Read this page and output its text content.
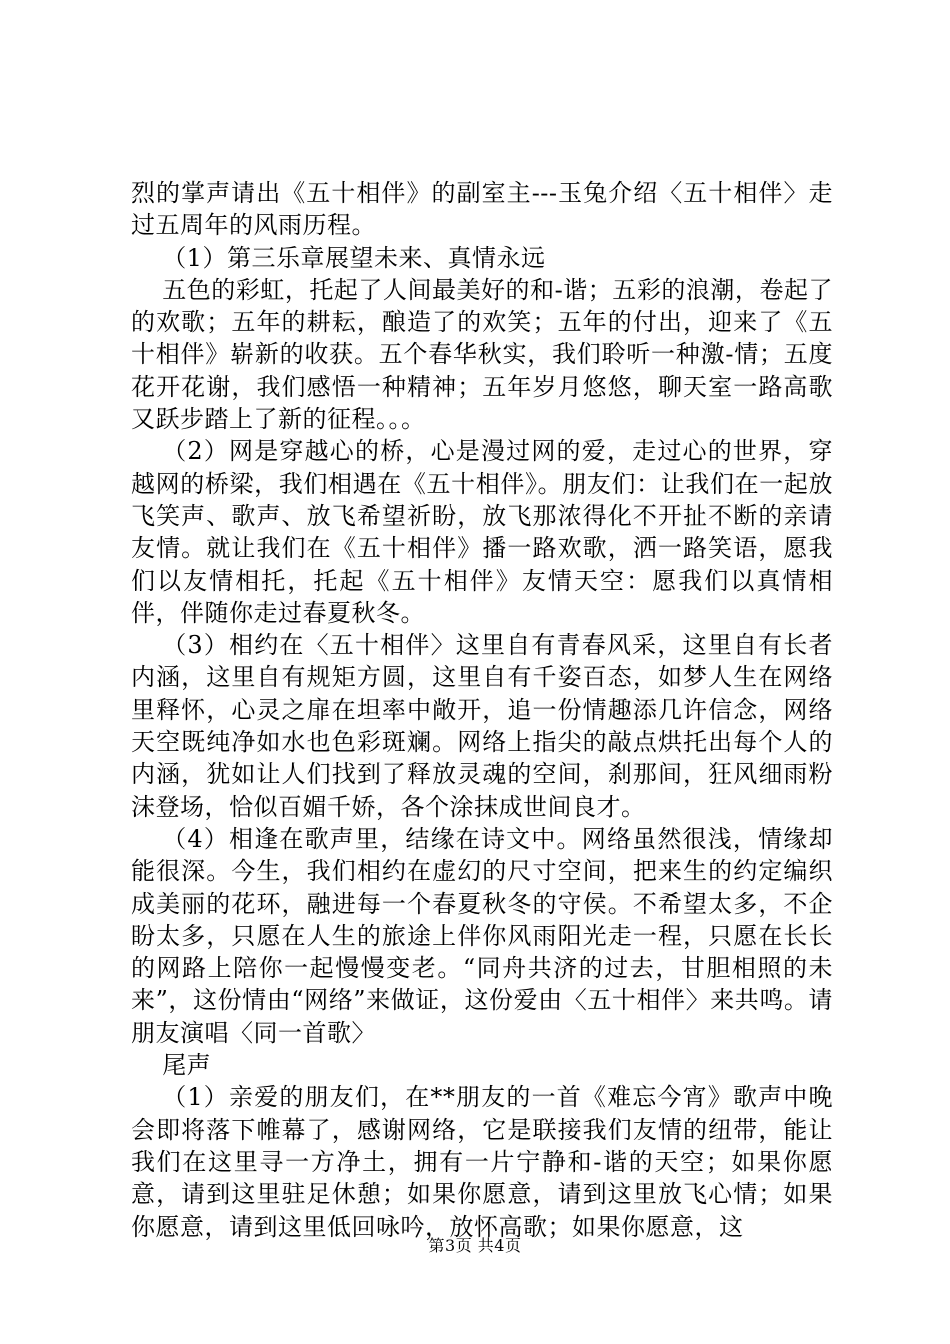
烈的掌声请出《五十相伴》的副室主---玉兔介绍〈五十相伴〉走过五周年的风雨历程。

（1）第三乐章展望未来、真情永远

五色的彩虹，托起了人间最美好的和-谐；五彩的浪潮，卷起了的欢歌；五年的耕耘，酿造了的欢笑；五年的付出，迎来了《五十相伴》崭新的收获。五个春华秋实，我们聆听一种激-情；五度花开花谢，我们感悟一种精神；五年岁月悠悠，聊天室一路高歌又跃步踏上了新的征程。。。

（2）网是穿越心的桥，心是漫过网的爱，走过心的世界，穿越网的桥梁，我们相遇在《五十相伴》。朋友们：让我们在一起放飞笑声、歌声、放飞希望祈盼，放飞那浓得化不开扯不断的亲请友情。就让我们在《五十相伴》播一路欢歌，洒一路笑语，愿我们以友情相托，托起《五十相伴》友情天空：愿我们以真情相伴，伴随你走过春夏秋冬。

（3）相约在〈五十相伴〉这里自有青春风采，这里自有长者内涵，这里自有规矩方圆，这里自有千姿百态，如梦人生在网络里释怀，心灵之扉在坦率中敞开，追一份情趣添几许信念，网络天空既纯净如水也色彩斑斓。网络上指尖的敲点烘托出每个人的内涵，犹如让人们找到了释放灵魂的空间，刹那间，狂风细雨粉沫登场，恰似百媚千娇，各个涂抹成世间良才。

（4）相逢在歌声里，结缘在诗文中。网络虽然很浅，情缘却能很深。今生，我们相约在虚幻的尺寸空间，把来生的约定编织成美丽的花环，融进每一个春夏秋冬的守侯。不希望太多，不企盼太多，只愿在人生的旅途上伴你风雨阳光走一程，只愿在长长的网路上陪你一起慢慢变老。“同舟共济的过去，甘胆相照的未来”，这份情由“网络”来做证，这份爱由〈五十相伴〉来共鸣。请朋友演唱〈同一首歌〉

尾声

（1）亲爱的朋友们，在**朋友的一首《难忘今宵》歌声中晚会即将落下帷幕了，感谢网络，它是联接我们友情的纽带，能让我们在这里寻一方净土，拥有一片宁静和-谐的天空；如果你愿意，请到这里驻足休憩；如果你愿意，请到这里放飞心情；如果你愿意，请到这里低回咏吟，放怀高歌；如果你愿意，这

第3页 共4页
